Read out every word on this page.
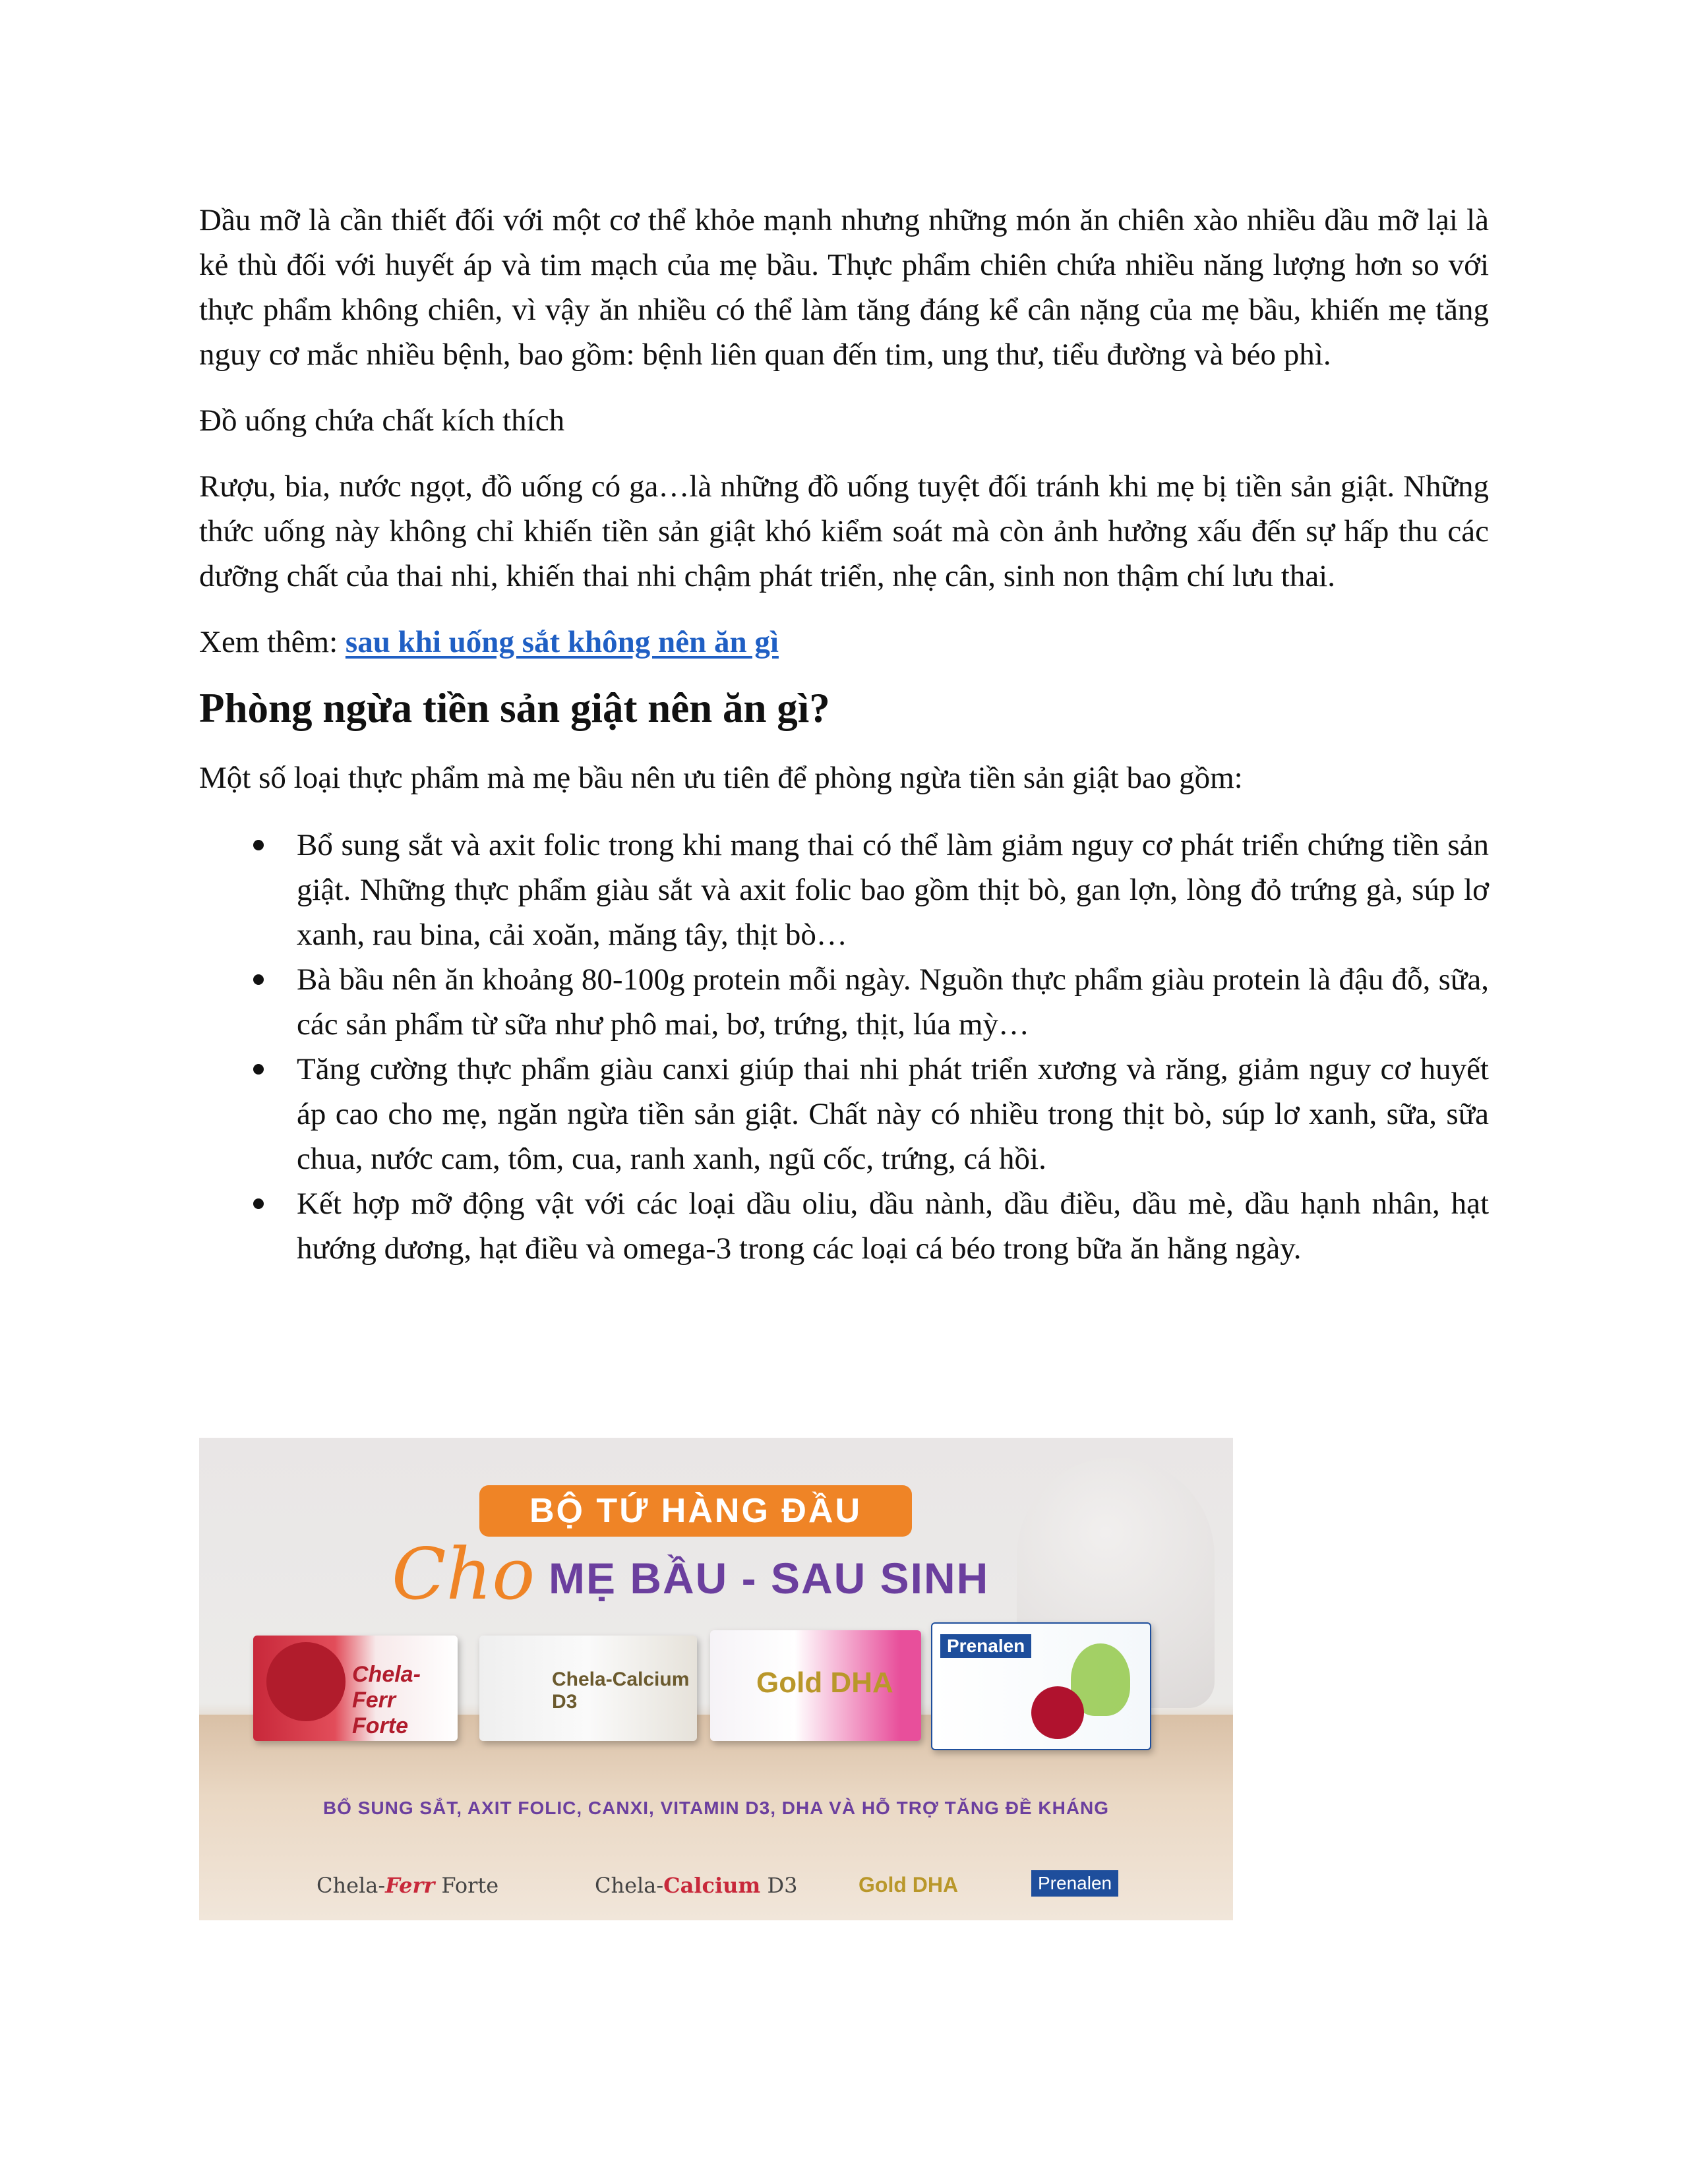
Dầu mỡ là cần thiết đối với một cơ thể khỏe mạnh nhưng những món ăn chiên xào nhiều dầu mỡ lại là kẻ thù đối với huyết áp và tim mạch của mẹ bầu. Thực phẩm chiên chứa nhiều năng lượng hơn so với thực phẩm không chiên, vì vậy ăn nhiều có thể làm tăng đáng kể cân nặng của mẹ bầu, khiến mẹ tăng nguy cơ mắc nhiều bệnh, bao gồm: bệnh liên quan đến tim, ung thư, tiểu đường và béo phì.

Đồ uống chứa chất kích thích

Rượu, bia, nước ngọt, đồ uống có ga…là những đồ uống tuyệt đối tránh khi mẹ bị tiền sản giật. Những thức uống này không chỉ khiến tiền sản giật khó kiểm soát mà còn ảnh hưởng xấu đến sự hấp thu các dưỡng chất của thai nhi, khiến thai nhi chậm phát triển, nhẹ cân, sinh non thậm chí lưu thai.

Xem thêm: sau khi uống sắt không nên ăn gì

Phòng ngừa tiền sản giật nên ăn gì?

Một số loại thực phẩm mà mẹ bầu nên ưu tiên để phòng ngừa tiền sản giật bao gồm:

Bổ sung sắt và axit folic trong khi mang thai có thể làm giảm nguy cơ phát triển chứng tiền sản giật. Những thực phẩm giàu sắt và axit folic bao gồm thịt bò, gan lợn, lòng đỏ trứng gà, súp lơ xanh, rau bina, cải xoăn, măng tây, thịt bò…
Bà bầu nên ăn khoảng 80-100g protein mỗi ngày. Nguồn thực phẩm giàu protein là đậu đỗ, sữa, các sản phẩm từ sữa như phô mai, bơ, trứng, thịt, lúa mỳ…
Tăng cường thực phẩm giàu canxi giúp thai nhi phát triển xương và răng, giảm nguy cơ huyết áp cao cho mẹ, ngăn ngừa tiền sản giật. Chất này có nhiều trong thịt bò, súp lơ xanh, sữa, sữa chua, nước cam, tôm, cua, ranh xanh, ngũ cốc, trứng, cá hồi.
Kết hợp mỡ động vật với các loại dầu oliu, dầu nành, dầu điều, dầu mè, dầu hạnh nhân, hạt hướng dương, hạt điều và omega-3 trong các loại cá béo trong bữa ăn hằng ngày.
BỘ TỨ HÀNG ĐẦU
Cho MẸ BẦU - SAU SINH
Chela-Ferr Forte
Chela-Calcium D3
Gold DHA
Prenalen
BỔ SUNG SẮT, AXIT FOLIC, CANXI, VITAMIN D3, DHA VÀ HỖ TRỢ TĂNG ĐỀ KHÁNG
Chela-Ferr Forte	Chela-Calcium D3	Gold DHA	Prenalen
